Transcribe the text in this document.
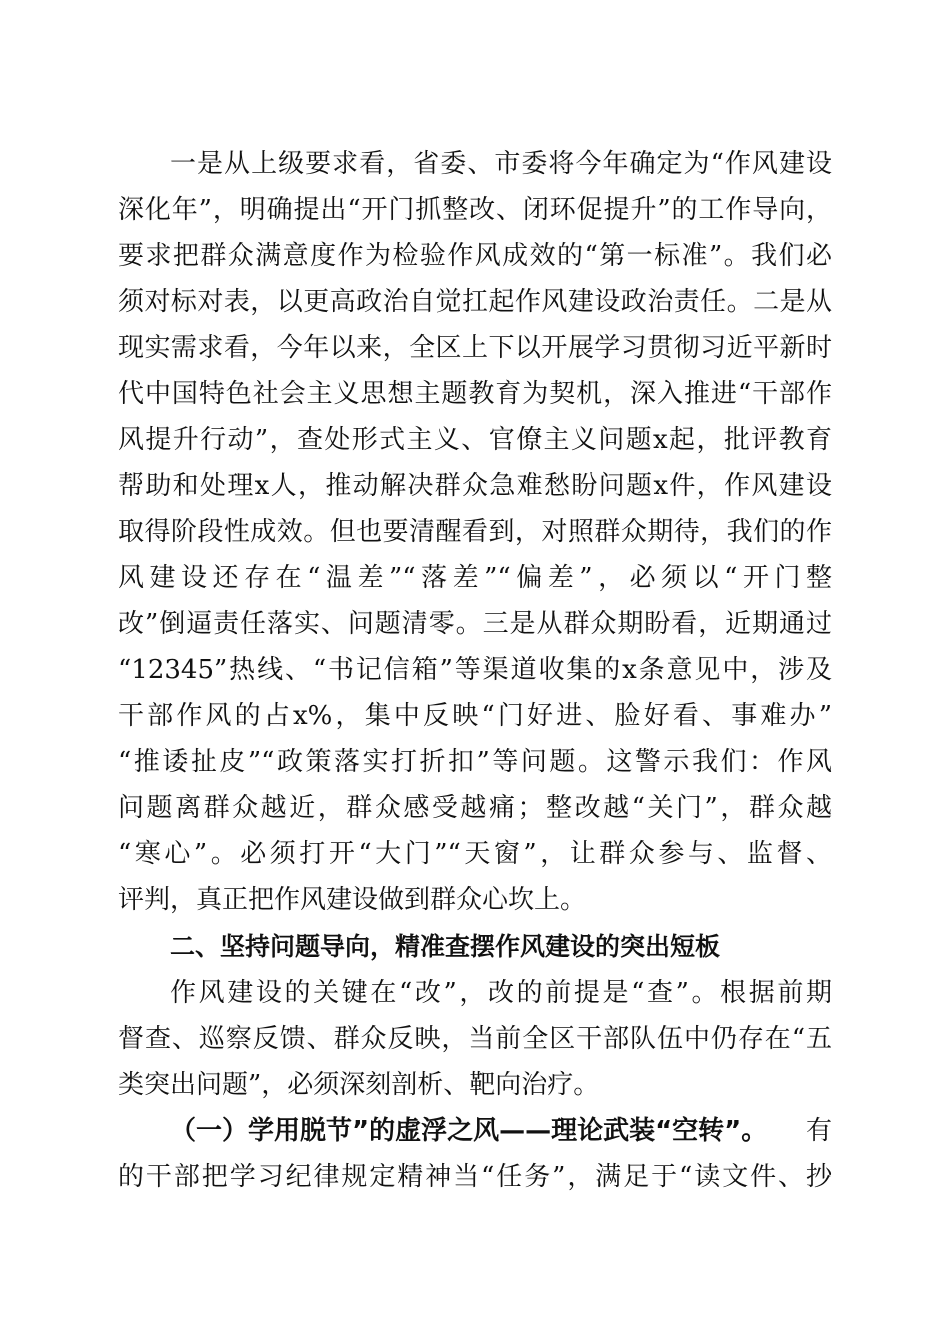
一是从上级要求看，省委、市委将今年确定为“作风建设
深化年”，明确提出“开门抓整改、闭环促提升”的工作导向，
要求把群众满意度作为检验作风成效的“第一标准”。我们必
须对标对表，以更高政治自觉扛起作风建设政治责任。二是从
现实需求看，今年以来，全区上下以开展学习贯彻习近平新时
代中国特色社会主义思想主题教育为契机，深入推进“干部作
风提升行动”，查处形式主义、官僚主义问题x起，批评教育
帮助和处理x人，推动解决群众急难愁盼问题x件，作风建设
取得阶段性成效。但也要清醒看到，对照群众期待，我们的作
风建设还存在“温差”“落差”“偏差”，必须以“开门整
改”倒逼责任落实、问题清零。三是从群众期盼看，近期通过
“12345”热线、“书记信箱”等渠道收集的x条意见中，涉及
干部作风的占x%，集中反映“门好进、脸好看、事难办”
“推诿扯皮”“政策落实打折扣”等问题。这警示我们：作风
问题离群众越近，群众感受越痛；整改越“关门”，群众越
“寒心”。必须打开“大门”“天窗”，让群众参与、监督、
评判，真正把作风建设做到群众心坎上。
二、坚持问题导向，精准查摆作风建设的突出短板
作风建设的关键在“改”，改的前提是“查”。根据前期
督查、巡察反馈、群众反映，当前全区干部队伍中仍存在“五
类突出问题”，必须深刻剖析、靶向治疗。
（一）学用脱节”的虚浮之风——理论武装“空转”。 有
的干部把学习纪律规定精神当“任务”，满足于“读文件、抄
